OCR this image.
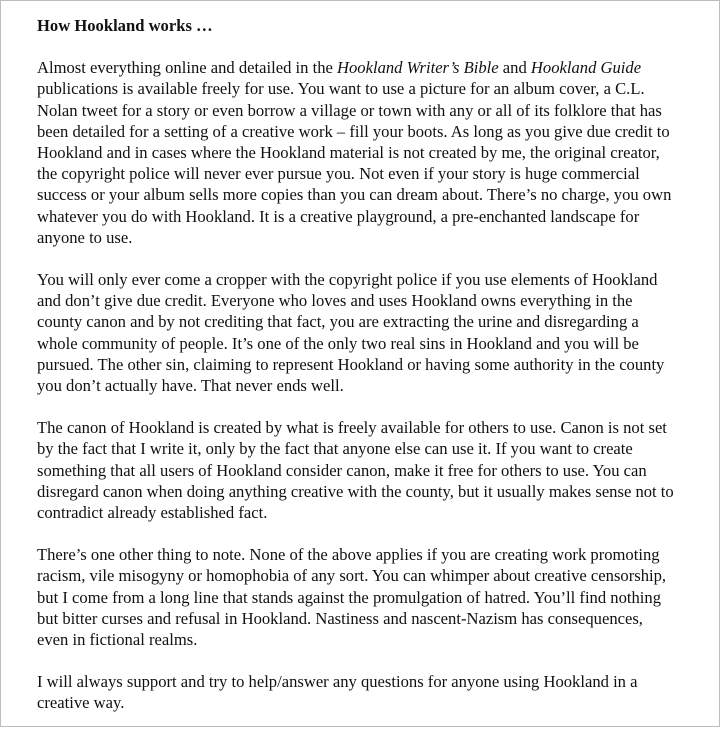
How Hookland works …

Almost everything online and detailed in the Hookland Writer’s Bible and Hookland Guide publications is available freely for use. You want to use a picture for an album cover, a C.L. Nolan tweet for a story or even borrow a village or town with any or all of its folklore that has been detailed for a setting of a creative work – fill your boots. As long as you give due credit to Hookland and in cases where the Hookland material is not created by me, the original creator, the copyright police will never ever pursue you. Not even if your story is huge commercial success or your album sells more copies than you can dream about. There’s no charge, you own whatever you do with Hookland. It is a creative playground, a pre-enchanted landscape for anyone to use.

You will only ever come a cropper with the copyright police if you use elements of Hookland and don’t give due credit. Everyone who loves and uses Hookland owns everything in the county canon and by not crediting that fact, you are extracting the urine and disregarding a whole community of people. It’s one of the only two real sins in Hookland and you will be pursued. The other sin, claiming to represent Hookland or having some authority in the county you don’t actually have. That never ends well.

The canon of Hookland is created by what is freely available for others to use. Canon is not set by the fact that I write it, only by the fact that anyone else can use it. If you want to create something that all users of Hookland consider canon, make it free for others to use. You can disregard canon when doing anything creative with the county, but it usually makes sense not to contradict already established fact.

There’s one other thing to note. None of the above applies if you are creating work promoting racism, vile misogyny or homophobia of any sort. You can whimper about creative censorship, but I come from a long line that stands against the promulgation of hatred. You’ll find nothing but bitter curses and refusal in Hookland. Nastiness and nascent-Nazism has consequences, even in fictional realms.

I will always support and try to help/answer any questions for anyone using Hookland in a creative way.
